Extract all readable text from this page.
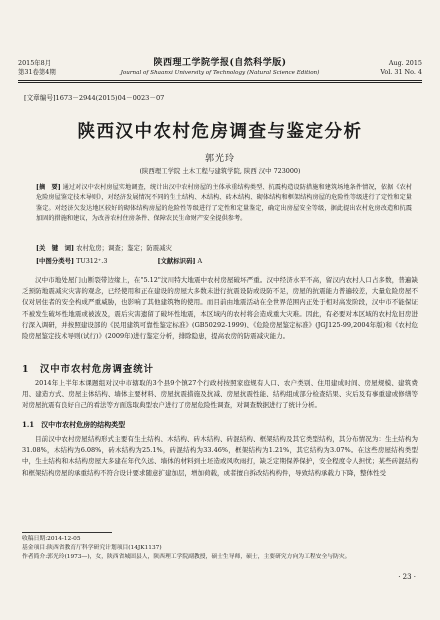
2015年8月
第31卷第4期
陕西理工学院学报(自然科学版)
Journal of Shaanxi University of Technology (Natural Science Edition)
Aug. 2015
Vol. 31 No. 4
[文章编号]1673－2944(2015)04－0023－07
陕西汉中农村危房调查与鉴定分析
郭光玲
(陕西理工学院 土木工程与建筑学院, 陕西 汉中 723000)
[摘　要] 通过对汉中农村房屋实地调查，统计出汉中农村房屋的主体承重结构类型、抗震构造设防措施和建筑场地条件情况，依据《农村危险房屋鉴定技术导则》，对经济发展情况不同的生土结构、木结构、砖木结构、砌体结构和框架结构房屋的危险性等级进行了定性和定量鉴定。对经济欠发达地区较好的砌体结构房屋的危险性等级进行了定性和定量鉴定，确定出房屋安全等级，据此提出农村危房改造和抗震加固的措施和建议，为改善农村住房条件、保障农民生命财产安全提供参考。
[关　键　词] 农村危房；调查；鉴定；防震减灾
[中图分类号] TU312⁺.3	[文献标识码] A

汉中市地处屋门山断裂带边缘上，在"5.12"汶川特大地震中农村房屋破坏严重。汉中经济水平不高，留汉内农村人口占多数，普遍缺乏预防地震减灾灾害的观念，已经使用和正在建设的房屋大多数未进行抗震设防或设防不足，房屋的抗震能力普遍较差，大量危险房屋不仅对居住者的安全构成严重威胁，也影响了其他建筑物的使用。而目前由地震活动在全世界范围内正处于相对高发阶段，汉中市不能保证不被发生破坏性地震或被波及，震后灾害遗留了破坏性地震，本区域内的农村将会造成重大灾难。因此，有必要对本区域的农村危旧房进行深入调研，并按照建设部的《民用建筑可靠性鉴定标准》(GB50292-1999)、《危险房屋鉴定标准》(JGJ125-99,2004年版)和《农村危险房屋鉴定技术导则(试行)》(2009年)进行鉴定分析，排除隐患，提高农房的防震减灾能力。

1　汉中市农村危房调查统计

2014年上半年本课题组对汉中市辖取的3个县9个镇27个行政村按照家庭规有人口、农户类别、住用建成时间、房屋规模、建筑费用、建造方式、房屋主体结构、墙体主要材料、房屋抗震措施及抗减、房屋抗震性能、结构组成部分检查结果、灾后及有事重建或修缮等对房屋抗震有良好自己的看法等方面选取典型农户进行了房屋危险性调查，对调查数据进行了统计分析。

1.1　汉中市农村危房的结构类型

目前汉中农村房屋结构形式主要有生土结构、木结构、砖木结构、砖混结构、框架结构及其它类型结构，其分布情况为：生土结构为31.08%，木结构为6.08%，砖木结构为25.1%，砖混结构为33.46%，框架结构为1.21%，其它结构为3.07%。在这些房屋结构类型中，生土结构和木结构房屋大多建在年代久远、墙体的材料到土坯造或风吹雨打，缺乏定期保养保护，安全程度令人担忧；某些砖混结构和框架结构房屋的承重结构不符合设计要求随意扩建加层，增加荷载，或者擅自拆改结构构件，导致结构承载力下降，整体性受

收稿日期:2014-12-05
基金项目:陕西省教育厅科学研究计划项目(14JK1137)
作者简介:郭光玲(1973—)，女，陕西省城固县人，陕西理工学院副教授，硕士生导师，硕士，主要研究方向为工程安全与防灾。
· 23 ·
